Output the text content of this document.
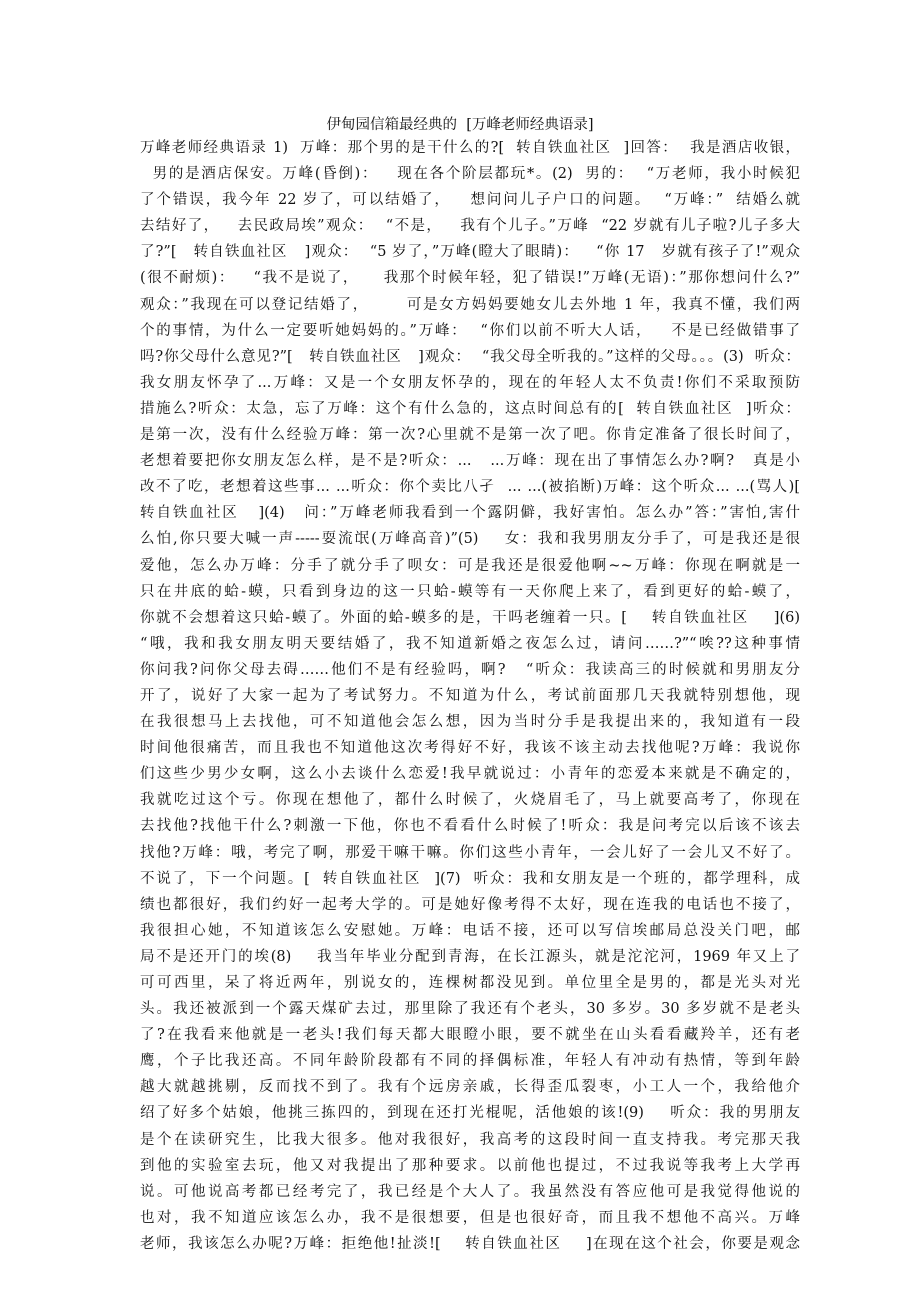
伊甸园信箱最经典的  [万峰老师经典语录]
万峰老师经典语录 1)  万峰：那个男的是干什么的?[  转自铁血社区  ]回答：  我是酒店收银，
男的是酒店保安。万峰(昏倒)：   现在各个阶层都玩*。(2)  男的：  “万老师，我小时候犯
了个错误，我今年 22 岁了，可以结婚了，   想问问儿子户口的问题。  “万峰：”  结婚么就
去结好了，   去民政局埃”观众：  “不是，   我有个儿子。”万峰  “22 岁就有儿子啦?儿子多大
了?”[   转自铁血社区   ]观众：  “5 岁了，”万峰(瞪大了眼睛)：   “你 17   岁就有孩子了!”观众
(很不耐烦)：   “我不是说了，    我那个时候年轻，犯了错误!”万峰(无语)：”那你想问什么?”
观众：”我现在可以登记结婚了，      可是女方妈妈要她女儿去外地 1 年，我真不懂，我们两
个的事情，为什么一定要听她妈妈的。”万峰：  “你们以前不听大人话，   不是已经做错事了
吗?你父母什么意见?”[   转自铁血社区   ]观众：  “我父母全听我的。”这样的父母。。。(3)  听众：
我女朋友怀孕了...万峰：又是一个女朋友怀孕的，现在的年轻人太不负责!你们不采取预防
措施么?听众：太急，忘了万峰：这个有什么急的，这点时间总有的[  转自铁血社区  ]听众：
是第一次，没有什么经验万峰：第一次?心里就不是第一次了吧。你肯定准备了很长时间了，
老想着要把你女朋友怎么样，是不是?听众：...   ...万峰：现在出了事情怎么办?啊?   真是小
改不了吃，老想着这些事... ...听众：你个卖比八孑  ... ...(被掐断)万峰：这个听众... ...(骂人)[
转自铁血社区   ](4)   问：”万峰老师我看到一个露阴僻，我好害怕。怎么办”答：”害怕,害什
么怕,你只要大喊一声-----耍流氓(万峰高音)”(5)    女：我和我男朋友分手了，可是我还是很
爱他，怎么办万峰：分手了就分手了呗女：可是我还是很爱他啊~~万峰：你现在啊就是一
只在井底的蛤-蟆，只看到身边的这一只蛤-蟆等有一天你爬上来了，看到更好的蛤-蟆了，
你就不会想着这只蛤-蟆了。外面的蛤-蟆多的是，干吗老缠着一只。[    转自铁血社区    ](6)
“哦，我和我女朋友明天要结婚了，我不知道新婚之夜怎么过，请问……?”“唉??这种事情
你问我?问你父母去碍……他们不是有经验吗，啊?   “听众：我读高三的时候就和男朋友分
开了，说好了大家一起为了考试努力。不知道为什么，考试前面那几天我就特别想他，现
在我很想马上去找他，可不知道他会怎么想，因为当时分手是我提出来的，我知道有一段
时间他很痛苦，而且我也不知道他这次考得好不好，我该不该主动去找他呢?万峰：我说你
们这些少男少女啊，这么小去谈什么恋爱!我早就说过：小青年的恋爱本来就是不确定的，
我就吃过这个亏。你现在想他了，都什么时候了，火烧眉毛了，马上就要高考了，你现在
去找他?找他干什么?刺激一下他，你也不看看什么时候了!听众：我是问考完以后该不该去
找他?万峰：哦，考完了啊，那爱干嘛干嘛。你们这些小青年，一会儿好了一会儿又不好了。
不说了，下一个问题。[  转自铁血社区  ](7)  听众：我和女朋友是一个班的，都学理科，成
绩也都很好，我们约好一起考大学的。可是她好像考得不太好，现在连我的电话也不接了，
我很担心她，不知道该怎么安慰她。万峰：电话不接，还可以写信埃邮局总没关门吧，邮
局不是还开门的埃(8)    我当年毕业分配到青海，在长江源头，就是沱沱河，1969 年又上了
可可西里，呆了将近两年，别说女的，连棵树都没见到。单位里全是男的，都是光头对光
头。我还被派到一个露天煤矿去过，那里除了我还有个老头，30 多岁。30 多岁就不是老头
了?在我看来他就是一老头!我们每天都大眼瞪小眼，要不就坐在山头看看藏羚羊，还有老
鹰，个子比我还高。不同年龄阶段都有不同的择偶标准，年轻人有冲动有热情，等到年龄
越大就越挑剔，反而找不到了。我有个远房亲戚，长得歪瓜裂枣，小工人一个，我给他介
绍了好多个姑娘，他挑三拣四的，到现在还打光棍呢，活他娘的该!(9)    听众：我的男朋友
是个在读研究生，比我大很多。他对我很好，我高考的这段时间一直支持我。考完那天我
到他的实验室去玩，他又对我提出了那种要求。以前他也提过，不过我说等我考上大学再
说。可他说高考都已经考完了，我已经是个大人了。我虽然没有答应他可是我觉得他说的
也对，我不知道应该怎么办，我不是很想要，但是也很好奇，而且我不想他不高兴。万峰
老师，我该怎么办呢?万峰：拒绝他!扯淡![    转自铁血社区    ]在现在这个社会，你要是观念
